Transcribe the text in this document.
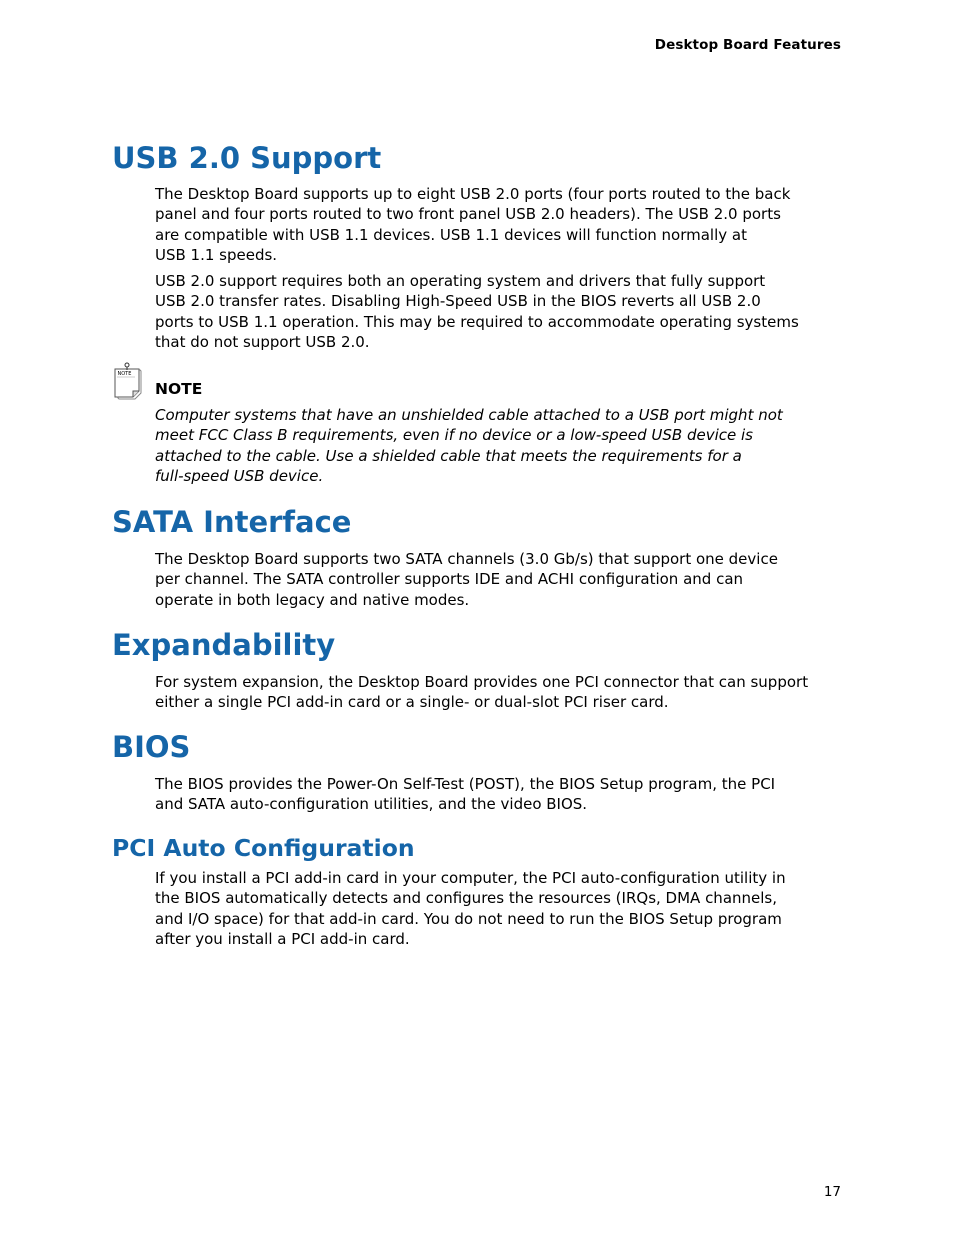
Desktop Board Features
USB 2.0 Support

The Desktop Board supports up to eight USB 2.0 ports (four ports routed to the back
panel and four ports routed to two front panel USB 2.0 headers). The USB 2.0 ports
are compatible with USB 1.1 devices. USB 1.1 devices will function normally at
USB 1.1 speeds.

USB 2.0 support requires both an operating system and drivers that fully support
USB 2.0 transfer rates. Disabling High-Speed USB in the BIOS reverts all USB 2.0
ports to USB 1.1 operation. This may be required to accommodate operating systems
that do not support USB 2.0.

NOTE

NOTE

Computer systems that have an unshielded cable attached to a USB port might not
meet FCC Class B requirements, even if no device or a low-speed USB device is
attached to the cable. Use a shielded cable that meets the requirements for a
full-speed USB device.

SATA Interface

The Desktop Board supports two SATA channels (3.0 Gb/s) that support one device
per channel. The SATA controller supports IDE and ACHI configuration and can
operate in both legacy and native modes.

Expandability

For system expansion, the Desktop Board provides one PCI connector that can support
either a single PCI add-in card or a single- or dual-slot PCI riser card.

BIOS

The BIOS provides the Power-On Self-Test (POST), the BIOS Setup program, the PCI
and SATA auto-configuration utilities, and the video BIOS.

PCI Auto Configuration

If you install a PCI add-in card in your computer, the PCI auto-configuration utility in
the BIOS automatically detects and configures the resources (IRQs, DMA channels,
and I/O space) for that add-in card. You do not need to run the BIOS Setup program
after you install a PCI add-in card.

17
